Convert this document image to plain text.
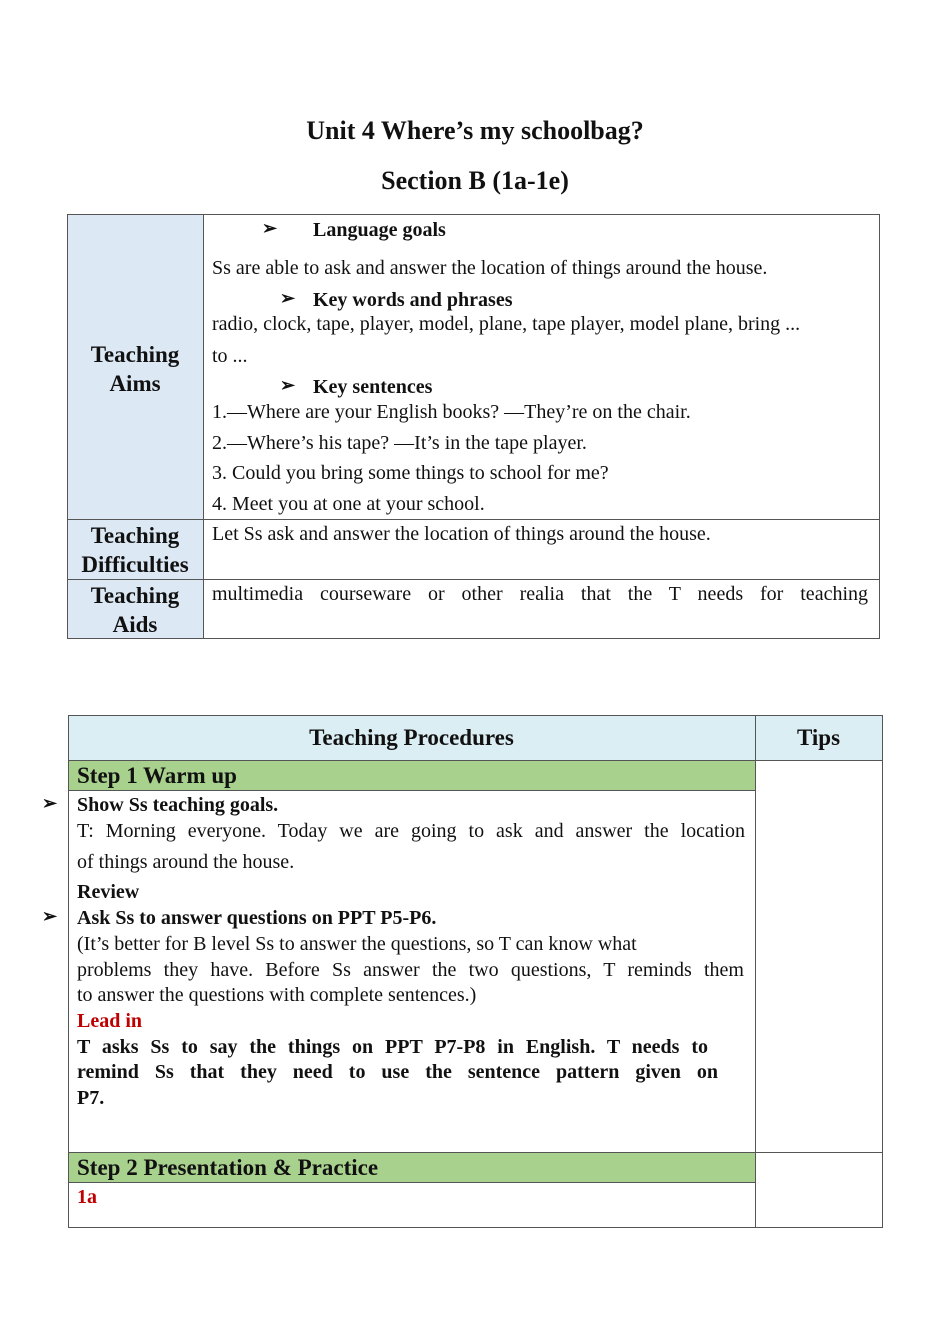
Unit 4 Where’s my schoolbag?
Section B (1a-1e)
Teaching
Aims
➢ Language goals
Ss are able to ask and answer the location of things around the house.
➢ Key words and phrases
radio, clock, tape, player, model, plane, tape player, model plane, bring ...
to ...
➢ Key sentences
1.—Where are your English books? —They’re on the chair.
2.—Where’s his tape? —It’s in the tape player.
3. Could you bring some things to school for me?
4. Meet you at one at your school.
Teaching
Difficulties
Let Ss ask and answer the location of things around the house.
Teaching
Aids
multimedia courseware or other realia that the T needs for teaching
Teaching Procedures	Tips
Step 1 Warm up
➢ Show Ss teaching goals.
T: Morning everyone. Today we are going to ask and answer the location
of things around the house.
Review
➢ Ask Ss to answer questions on PPT P5-P6.
(It’s better for B level Ss to answer the questions, so T can know what
problems they have. Before Ss answer the two questions, T reminds them
to answer the questions with complete sentences.)
Lead in
T asks Ss to say the things on PPT P7-P8 in English. T needs to
remind Ss that they need to use the sentence pattern given on
P7.
Step 2 Presentation & Practice
1a
